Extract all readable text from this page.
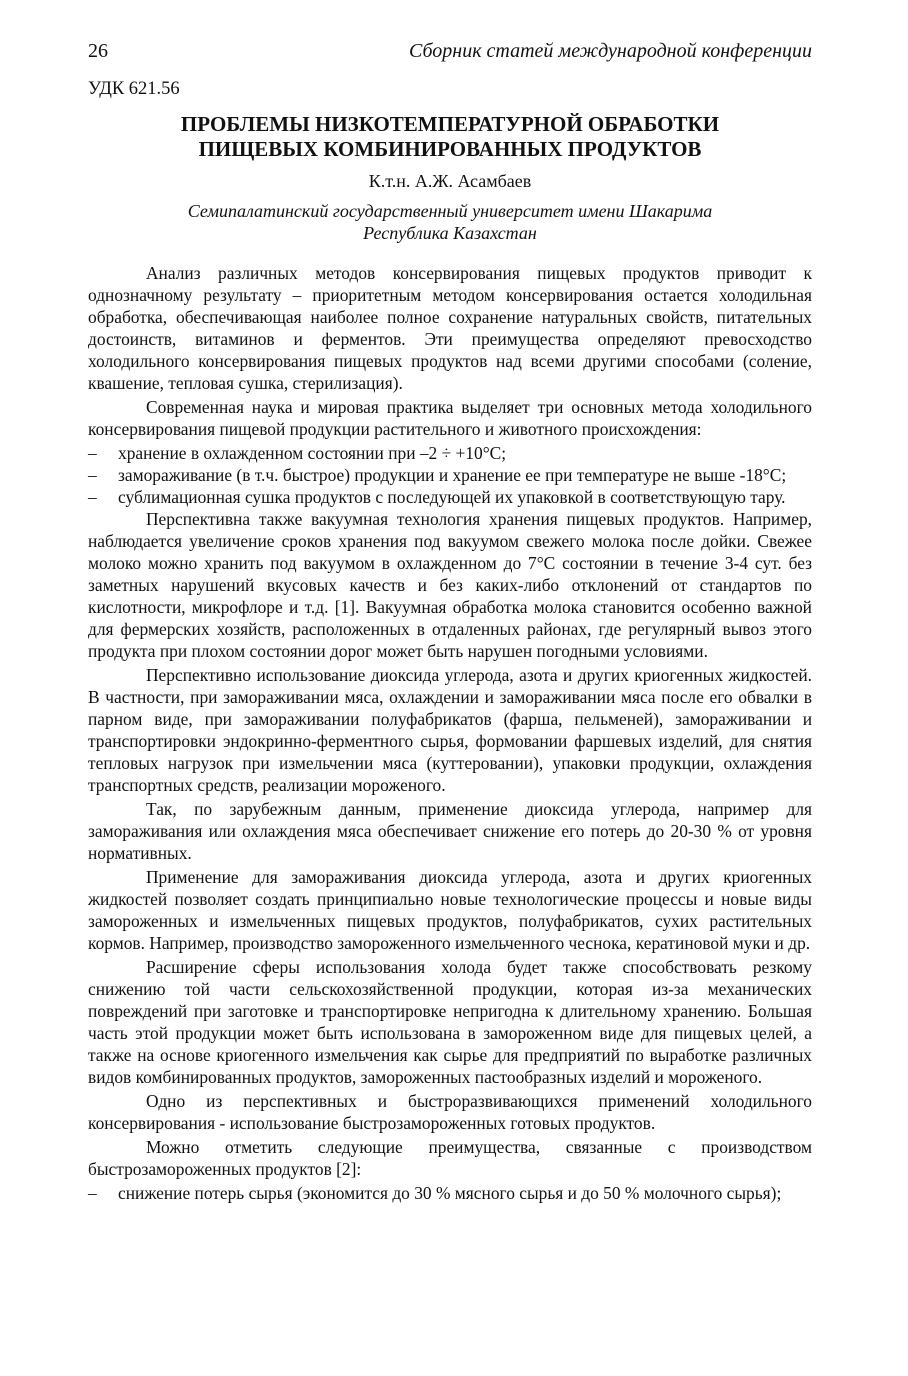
26	Сборник статей международной конференции
УДК 621.56
ПРОБЛЕМЫ НИЗКОТЕМПЕРАТУРНОЙ ОБРАБОТКИ
ПИЩЕВЫХ КОМБИНИРОВАННЫХ ПРОДУКТОВ
К.т.н. А.Ж. Асамбаев
Семипалатинский государственный университет имени Шакарима
Республика Казахстан

Анализ различных методов консервирования пищевых продуктов приводит к однозначному результату – приоритетным методом консервирования остается холодильная обработка, обеспечивающая наиболее полное сохранение натуральных свойств, питательных достоинств, витаминов и ферментов. Эти преимущества определяют превосходство холодильного консервирования пищевых продуктов над всеми другими способами (соление, квашение, тепловая сушка, стерилизация).

Современная наука и мировая практика выделяет три основных метода холодильного консервирования пищевой продукции растительного и животного происхождения:

– хранение в охлажденном состоянии при –2 ÷ +10°С;
– замораживание (в т.ч. быстрое) продукции и хранение ее при температуре не выше -18°С;
– сублимационная сушка продуктов с последующей их упаковкой в соответствующую тару.

Перспективна также вакуумная технология хранения пищевых продуктов. Например, наблюдается увеличение сроков хранения под вакуумом свежего молока после дойки. Свежее молоко можно хранить под вакуумом в охлажденном до 7°С состоянии в течение 3-4 сут. без заметных нарушений вкусовых качеств и без каких-либо отклонений от стандартов по кислотности, микрофлоре и т.д. [1]. Вакуумная обработка молока становится особенно важной для фермерских хозяйств, расположенных в отдаленных районах, где регулярный вывоз этого продукта при плохом состоянии дорог может быть нарушен погодными условиями.

Перспективно использование диоксида углерода, азота и других криогенных жидкостей. В частности, при замораживании мяса, охлаждении и замораживании мяса после его обвалки в парном виде, при замораживании полуфабрикатов (фарша, пельменей), замораживании и транспортировки эндокринно-ферментного сырья, формовании фаршевых изделий, для снятия тепловых нагрузок при измельчении мяса (куттеровании), упаковки продукции, охлаждения транспортных средств, реализации мороженого.

Так, по зарубежным данным, применение диоксида углерода, например для замораживания или охлаждения мяса обеспечивает снижение его потерь до 20-30 % от уровня нормативных.

Применение для замораживания диоксида углерода, азота и других криогенных жидкостей позволяет создать принципиально новые технологические процессы и новые виды замороженных и измельченных пищевых продуктов, полуфабрикатов, сухих растительных кормов. Например, производство замороженного измельченного чеснока, кератиновой муки и др.

Расширение сферы использования холода будет также способствовать резкому снижению той части сельскохозяйственной продукции, которая из-за механических повреждений при заготовке и транспортировке непригодна к длительному хранению. Большая часть этой продукции может быть использована в замороженном виде для пищевых целей, а также на основе криогенного измельчения как сырье для предприятий по выработке различных видов комбинированных продуктов, замороженных пастообразных изделий и мороженого.

Одно из перспективных и быстроразвивающихся применений холодильного консервирования - использование быстрозамороженных готовых продуктов.

Можно отметить следующие преимущества, связанные с производством быстрозамороженных продуктов [2]:

– снижение потерь сырья (экономится до 30 % мясного сырья и до 50 % молочного сырья);
